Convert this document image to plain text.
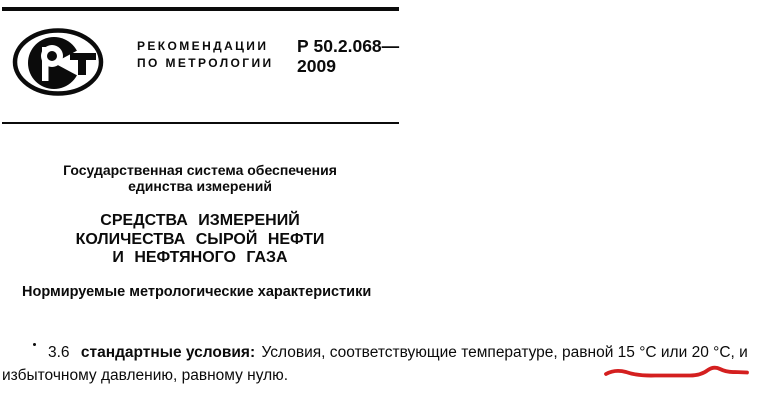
РЕКОМЕНДАЦИИ
ПО МЕТРОЛОГИИ
Р 50.2.068—
2009
Государственная система обеспечения
единства измерений
СРЕДСТВА ИЗМЕРЕНИЙ
КОЛИЧЕСТВА СЫРОЙ НЕФТИ
И НЕФТЯНОГО ГАЗА
Нормируемые метрологические характеристики
3.6 стандартные условия: Условия, соответствующие температуре, равной 15 °С или 20 °С, и
избыточному давлению, равному нулю.
